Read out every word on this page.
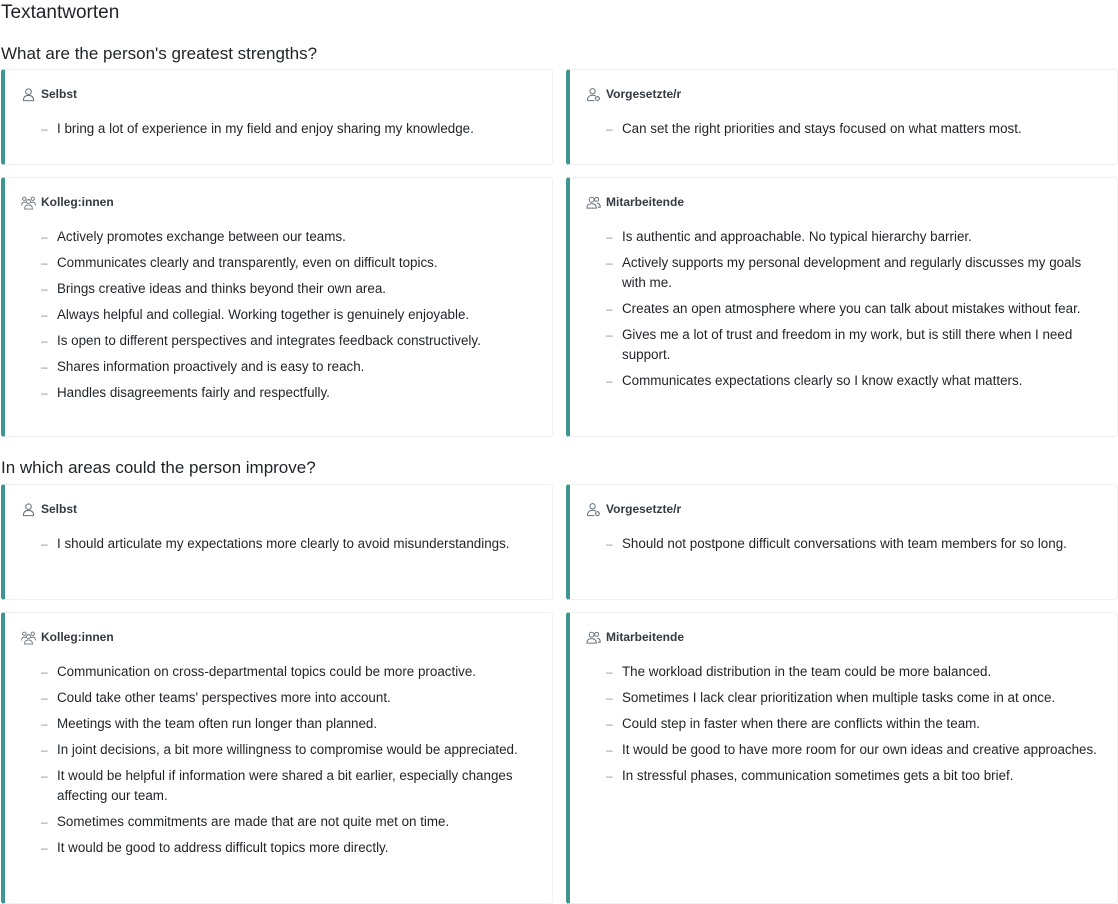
Textantworten
What are the person's greatest strengths?
Selbst
– I bring a lot of experience in my field and enjoy sharing my knowledge.
Vorgesetzte/r
– Can set the right priorities and stays focused on what matters most.
Kolleg:innen
– Actively promotes exchange between our teams.
– Communicates clearly and transparently, even on difficult topics.
– Brings creative ideas and thinks beyond their own area.
– Always helpful and collegial. Working together is genuinely enjoyable.
– Is open to different perspectives and integrates feedback constructively.
– Shares information proactively and is easy to reach.
– Handles disagreements fairly and respectfully.
Mitarbeitende
– Is authentic and approachable. No typical hierarchy barrier.
– Actively supports my personal development and regularly discusses my goals with me.
– Creates an open atmosphere where you can talk about mistakes without fear.
– Gives me a lot of trust and freedom in my work, but is still there when I need support.
– Communicates expectations clearly so I know exactly what matters.
In which areas could the person improve?
Selbst
– I should articulate my expectations more clearly to avoid misunderstandings.
Vorgesetzte/r
– Should not postpone difficult conversations with team members for so long.
Kolleg:innen
– Communication on cross-departmental topics could be more proactive.
– Could take other teams' perspectives more into account.
– Meetings with the team often run longer than planned.
– In joint decisions, a bit more willingness to compromise would be appreciated.
– It would be helpful if information were shared a bit earlier, especially changes affecting our team.
– Sometimes commitments are made that are not quite met on time.
– It would be good to address difficult topics more directly.
Mitarbeitende
– The workload distribution in the team could be more balanced.
– Sometimes I lack clear prioritization when multiple tasks come in at once.
– Could step in faster when there are conflicts within the team.
– It would be good to have more room for our own ideas and creative approaches.
– In stressful phases, communication sometimes gets a bit too brief.
